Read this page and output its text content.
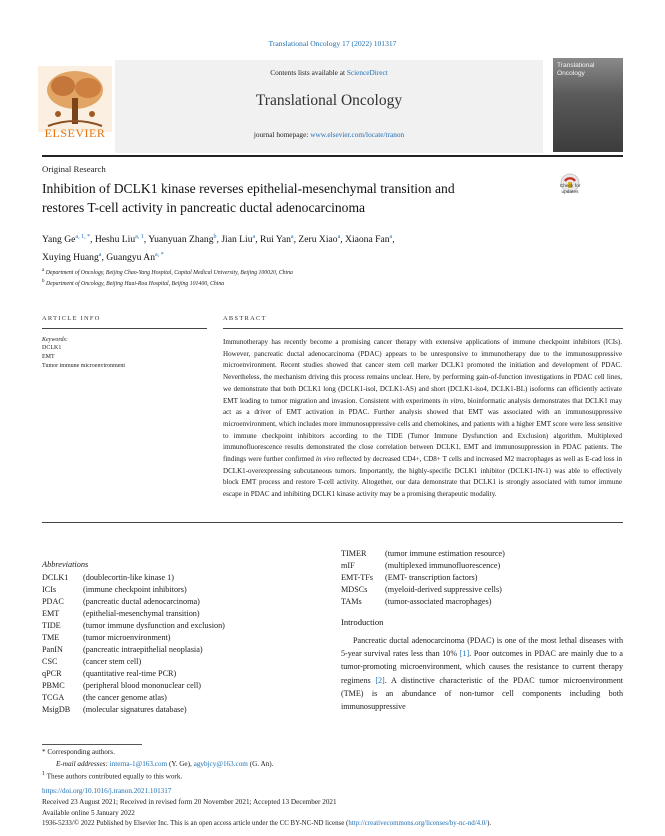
Translational Oncology 17 (2022) 101317
Contents lists available at ScienceDirect
Translational Oncology
journal homepage: www.elsevier.com/locate/tranon
ELSEVIER
Translational
Oncology
Original Research
Inhibition of DCLK1 kinase reverses epithelial-mesenchymal transition and
restores T-cell activity in pancreatic ductal adenocarcinoma
Check for
updates
Yang $Ge^{a, 1, *}$, Heshu Liu$^{a, 1}$, Yuanyuan Zhang$^b$, Jian Liu$^a$, Rui Yan$^a$, Zeru Xiao$^a$, Xiaona Fan$^a$,
Xuying Huang$^a$, Guangyu $An^{a, *}$
$^a$ Department of Oncology, Beijing Chao-Yang Hospital, Capital Medical University, Beijing 100020, China
$^b$ Department of Oncology, Beijing Huai-Rou Hospital, Beijing 101400, China
ARTICLE INFO	ABSTRACT
Keywords:
DCLK1
EMT
Tumor immune microenvironment
Immunotherapy has recently become a promising cancer therapy with extensive applications of immune checkpoint inhibitors (ICIs). However, pancreatic ductal adenocarcinoma (PDAC) appears to be unresponsive to immunotherapy due to the immunosuppressive microenvironment. Recent studies showed that cancer stem cell marker DCLK1 promoted the initiation and development of PDAC. Nevertheless, the mechanism driving this process remains unclear. Here, by performing gain-of-function investigations in PDAC cell lines, we demonstrate that both DCLK1 long (DCLK1-isol, DCLK1-AS) and short (DCLK1-iso4, DCLK1-BL) isoforms can efficiently activate EMT leading to tumor migration and invasion. Consistent with experiments in vitro, bioinformatic analysis demonstrates that DCLK1 may act as a driver of EMT activation in PDAC. Further analysis showed that EMT was associated with an immunosuppressive microenvironment, which includes more immunosuppressive cells and chemokines, and patients with a higher EMT score were less sensitive to immune checkpoint inhibitors according to the TIDE (Tumor Immune Dysfunction and Exclusion) algorithm. Multiplexed immunofluorescence results demonstrated the close correlation between DCLK1, EMT and immunosuppression in PDAC patients. The findings were further confirmed in vivo reflected by decreased CD4+, CD8+ T cells and increased M2 macrophages as well as E-cad loss in DCLK1-overexpressing subcutaneous tumors. Importantly, the highly-specific DCLK1 inhibitor (DCLK1-IN-1) was able to effectively block EMT process and restore T-cell activity. Altogether, our data demonstrate that DCLK1 is strongly associated with tumor immune escape in PDAC and inhibiting DCLK1 kinase activity may be a promising therapeutic modality.
Abbreviations
DCLK1 (doublecortin-like kinase 1)
ICIs	(immune checkpoint inhibitors)
PDAC (pancreatic ductal adenocarcinoma)
EMT	(epithelial-mesenchymal transition)
TIDE	(tumor immune dysfunction and exclusion)
TME	(tumor microenvironment)
PanIN (pancreatic intraepithelial neoplasia)
CSC	(cancer stem cell)
qPCR	(quantitative real-time PCR)
PBMC (peripheral blood mononuclear cell)
TCGA (the cancer genome atlas)
MsigDB (molecular signatures database)
TIMER (tumor immune estimation resource)
mIF	(multiplexed immunofluorescence)
EMT-TFs (EMT- transcription factors)
MDSCs (myeloid-derived suppressive cells)
TAMs	(tumor-associated macrophages)
Introduction
Pancreatic ductal adenocarcinoma (PDAC) is one of the most lethal diseases with 5-year survival rates less than 10% [1]. Poor outcomes in PDAC are mainly due to a tumor-promoting microenvironment, which causes the resistance to current therapy regimens [2]. A distinctive characteristic of the PDAC tumor microenvironment (TME) is an abundance of non-tumor cell components including both immunosuppressive
* Corresponding authors.
E-mail addresses: interna-1@163.com (Y. Ge), agybjcy@163.com (G. An).
$^1$ These authors contributed equally to this work.
https://doi.org/10.1016/j.tranon.2021.101317
Received 23 August 2021; Received in revised form 20 November 2021; Accepted 13 December 2021
Available online 5 January 2022
1936-5233/© 2022 Published by Elsevier Inc. This is an open access article under the CC BY-NC-ND license (http://creativecommons.org/licenses/by-nc-nd/4.0/).
